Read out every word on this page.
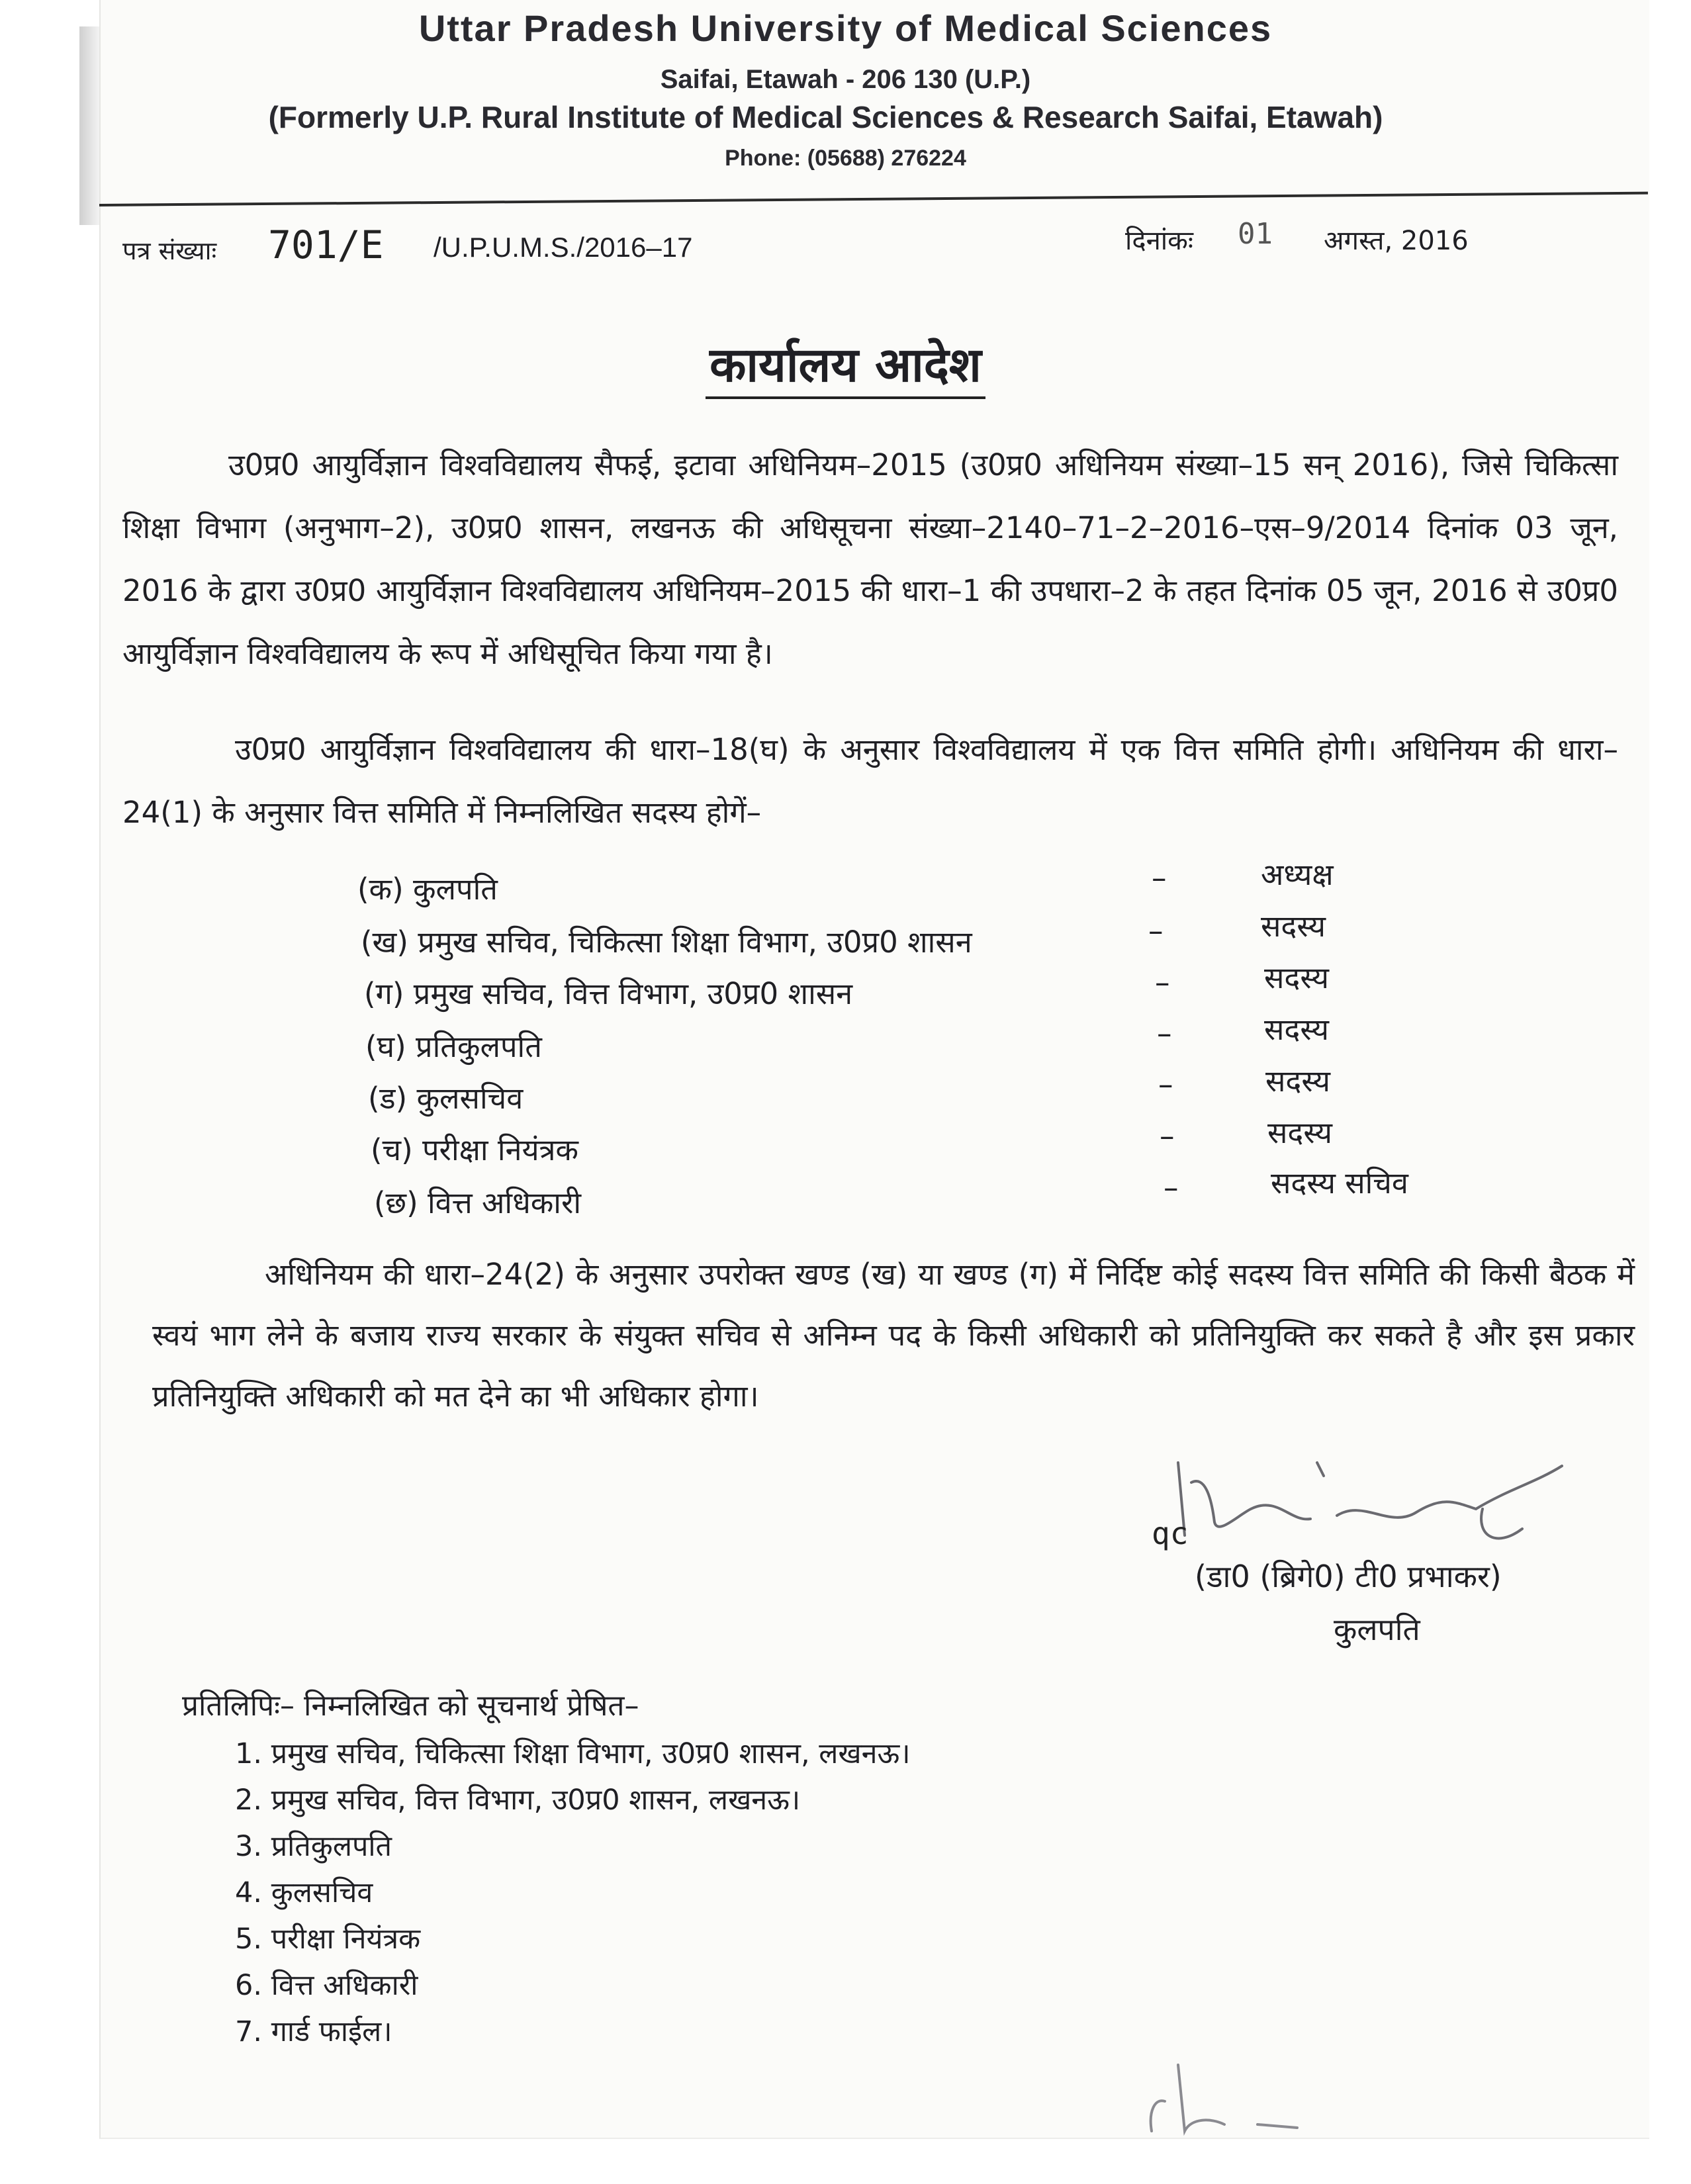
Uttar Pradesh University of Medical Sciences
Saifai, Etawah - 206 130 (U.P.)
(Formerly U.P. Rural Institute of Medical Sciences & Research Saifai, Etawah)
Phone: (05688) 276224
पत्र संख्याः 701/E /U.P.U.M.S./2016–17	दिनांकः 01 अगस्त, 2016
कार्यालय आदेश
उ0प्र0 आयुर्विज्ञान विश्वविद्यालय सैफई, इटावा अधिनियम–2015 (उ0प्र0 अधिनियम संख्या–15 सन् 2016), जिसे चिकित्सा शिक्षा विभाग (अनुभाग–2), उ0प्र0 शासन, लखनऊ की अधिसूचना संख्या–2140–71–2–2016–एस–9/2014 दिनांक 03 जून, 2016 के द्वारा उ0प्र0 आयुर्विज्ञान विश्वविद्यालय अधिनियम–2015 की धारा–1 की उपधारा–2 के तहत दिनांक 05 जून, 2016 से उ0प्र0 आयुर्विज्ञान विश्वविद्यालय के रूप में अधिसूचित किया गया है।
उ0प्र0 आयुर्विज्ञान विश्वविद्यालय की धारा–18(घ) के अनुसार विश्वविद्यालय में एक वित्त समिति होगी। अधिनियम की धारा–24(1) के अनुसार वित्त समिति में निम्नलिखित सदस्य होगें–
(क) कुलपति	–	अध्यक्ष
(ख) प्रमुख सचिव, चिकित्सा शिक्षा विभाग, उ0प्र0 शासन	–	सदस्य
(ग) प्रमुख सचिव, वित्त विभाग, उ0प्र0 शासन	–	सदस्य
(घ) प्रतिकुलपति	–	सदस्य
(ड) कुलसचिव	–	सदस्य
(च) परीक्षा नियंत्रक	–	सदस्य
(छ) वित्त अधिकारी	–	सदस्य सचिव
अधिनियम की धारा–24(2) के अनुसार उपरोक्त खण्ड (ख) या खण्ड (ग) में निर्दिष्ट कोई सदस्य वित्त समिति की किसी बैठक में स्वयं भाग लेने के बजाय राज्य सरकार के संयुक्त सचिव से अनिम्न पद के किसी अधिकारी को प्रतिनियुक्ति कर सकते है और इस प्रकार प्रतिनियुक्ति अधिकारी को मत देने का भी अधिकार होगा।
qc
(डा0 (ब्रिगे0) टी0 प्रभाकर)
कुलपति
प्रतिलिपिः– निम्नलिखित को सूचनार्थ प्रेषित–
1. प्रमुख सचिव, चिकित्सा शिक्षा विभाग, उ0प्र0 शासन, लखनऊ।
2. प्रमुख सचिव, वित्त विभाग, उ0प्र0 शासन, लखनऊ।
3. प्रतिकुलपति
4. कुलसचिव
5. परीक्षा नियंत्रक
6. वित्त अधिकारी
7. गार्ड फाईल।
